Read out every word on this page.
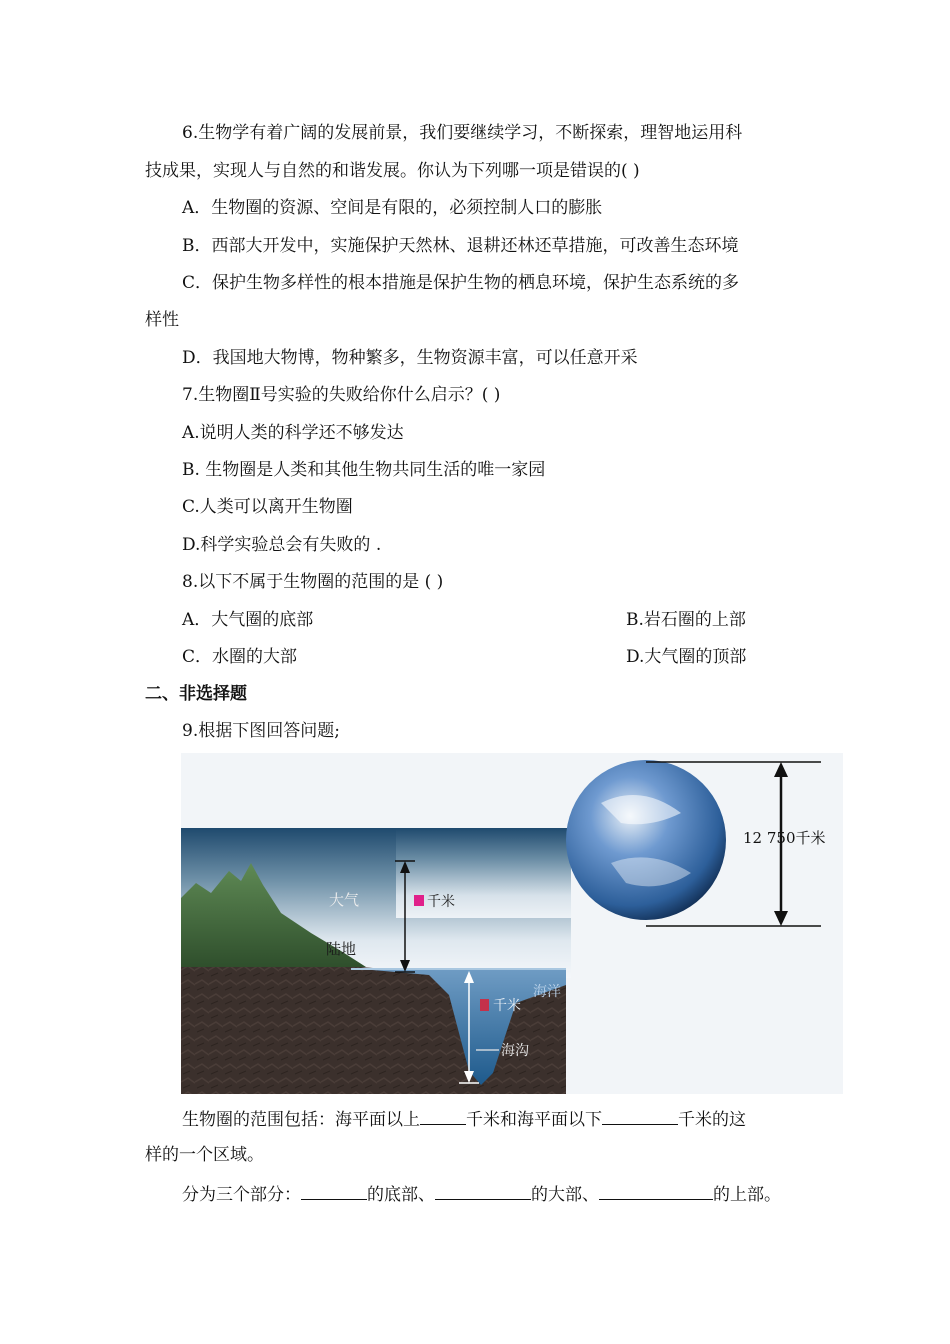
6.生物学有着广阔的发展前景，我们要继续学习，不断探索，理智地运用科
技成果，实现人与自然的和谐发展。你认为下列哪一项是错误的( )
A．生物圈的资源、空间是有限的，必须控制人口的膨胀
B．西部大开发中，实施保护天然林、退耕还林还草措施，可改善生态环境
C．保护生物多样性的根本措施是保护生物的栖息环境，保护生态系统的多
样性
D．我国地大物博，物种繁多，生物资源丰富，可以任意开采
7.生物圈Ⅱ号实验的失败给你什么启示？( )
A.说明人类的科学还不够发达
B. 生物圈是人类和其他生物共同生活的唯一家园
C.人类可以离开生物圈
D.科学实验总会有失败的 .
8.以下不属于生物圈的范围的是 ( )
A．大气圈的底部	B.岩石圈的上部
C．水圈的大部	D.大气圈的顶部
二、非选择题
9.根据下图回答问题;
12 750千米
千米
千米
大气
陆地
海洋
海沟
生物圈的范围包括：海平面以上	千米和海平面以下	千米的这
样的一个区域。
分为三个部分：	的底部、	的大部、	的上部。
